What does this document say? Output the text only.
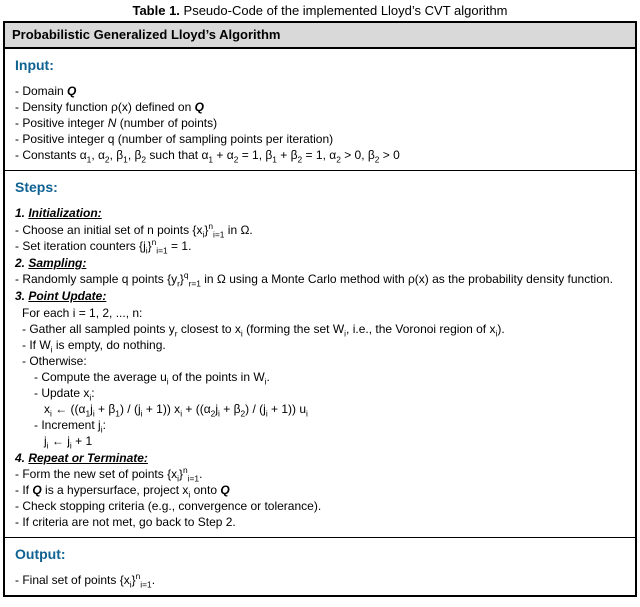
Table 1. Pseudo-Code of the implemented Lloyd’s CVT algorithm
Probabilistic Generalized Lloyd’s Algorithm
Input:
- Domain Q
- Density function ρ(x) defined on Q
- Positive integer N (number of points)
- Positive integer q (number of sampling points per iteration)
- Constants $\alpha_1$, $\alpha_2$, $\beta_1$, $\beta_2$ such that $\alpha_1 + \alpha_2 = 1$, $\beta_1 + \beta_2 = 1$, $\alpha_2 > 0$, $\beta_2 > 0$
Steps:
1. Initialization:
- Choose an initial set of n points $\{x_i\}^n_{i=1}$ in Ω.
- Set iteration counters $\{j_i\}^n_{i=1} = 1$.
2. Sampling:
- Randomly sample q points $\{y_r\}^q_{r=1}$ in Ω using a Monte Carlo method with ρ(x) as the probability density function.
3. Point Update:
For each i = 1, 2, ..., n:
- Gather all sampled points $y_r$ closest to $x_i$ (forming the set $W_i$, i.e., the Voronoi region of $x_i$).
- If $W_i$ is empty, do nothing.
- Otherwise:
- Compute the average $u_i$ of the points in $W_i$.
- Update $x_i$:
$x_i$ ← $((\alpha_1j_i + \beta_1) / (j_i + 1)) x_i + ((\alpha_2j_i + \beta_2) / (j_i + 1))$ $u_i$
- Increment $j_i$:
$j_i$ ← $j_i + 1$
4. Repeat or Terminate:
- Form the new set of points $\{x_i\}^n_{i=1}$.
- If Q is a hypersurface, project $x_i$ onto Q
- Check stopping criteria (e.g., convergence or tolerance).
- If criteria are not met, go back to Step 2.
Output:
- Final set of points $\{x_i\}^n_{i=1}$.
